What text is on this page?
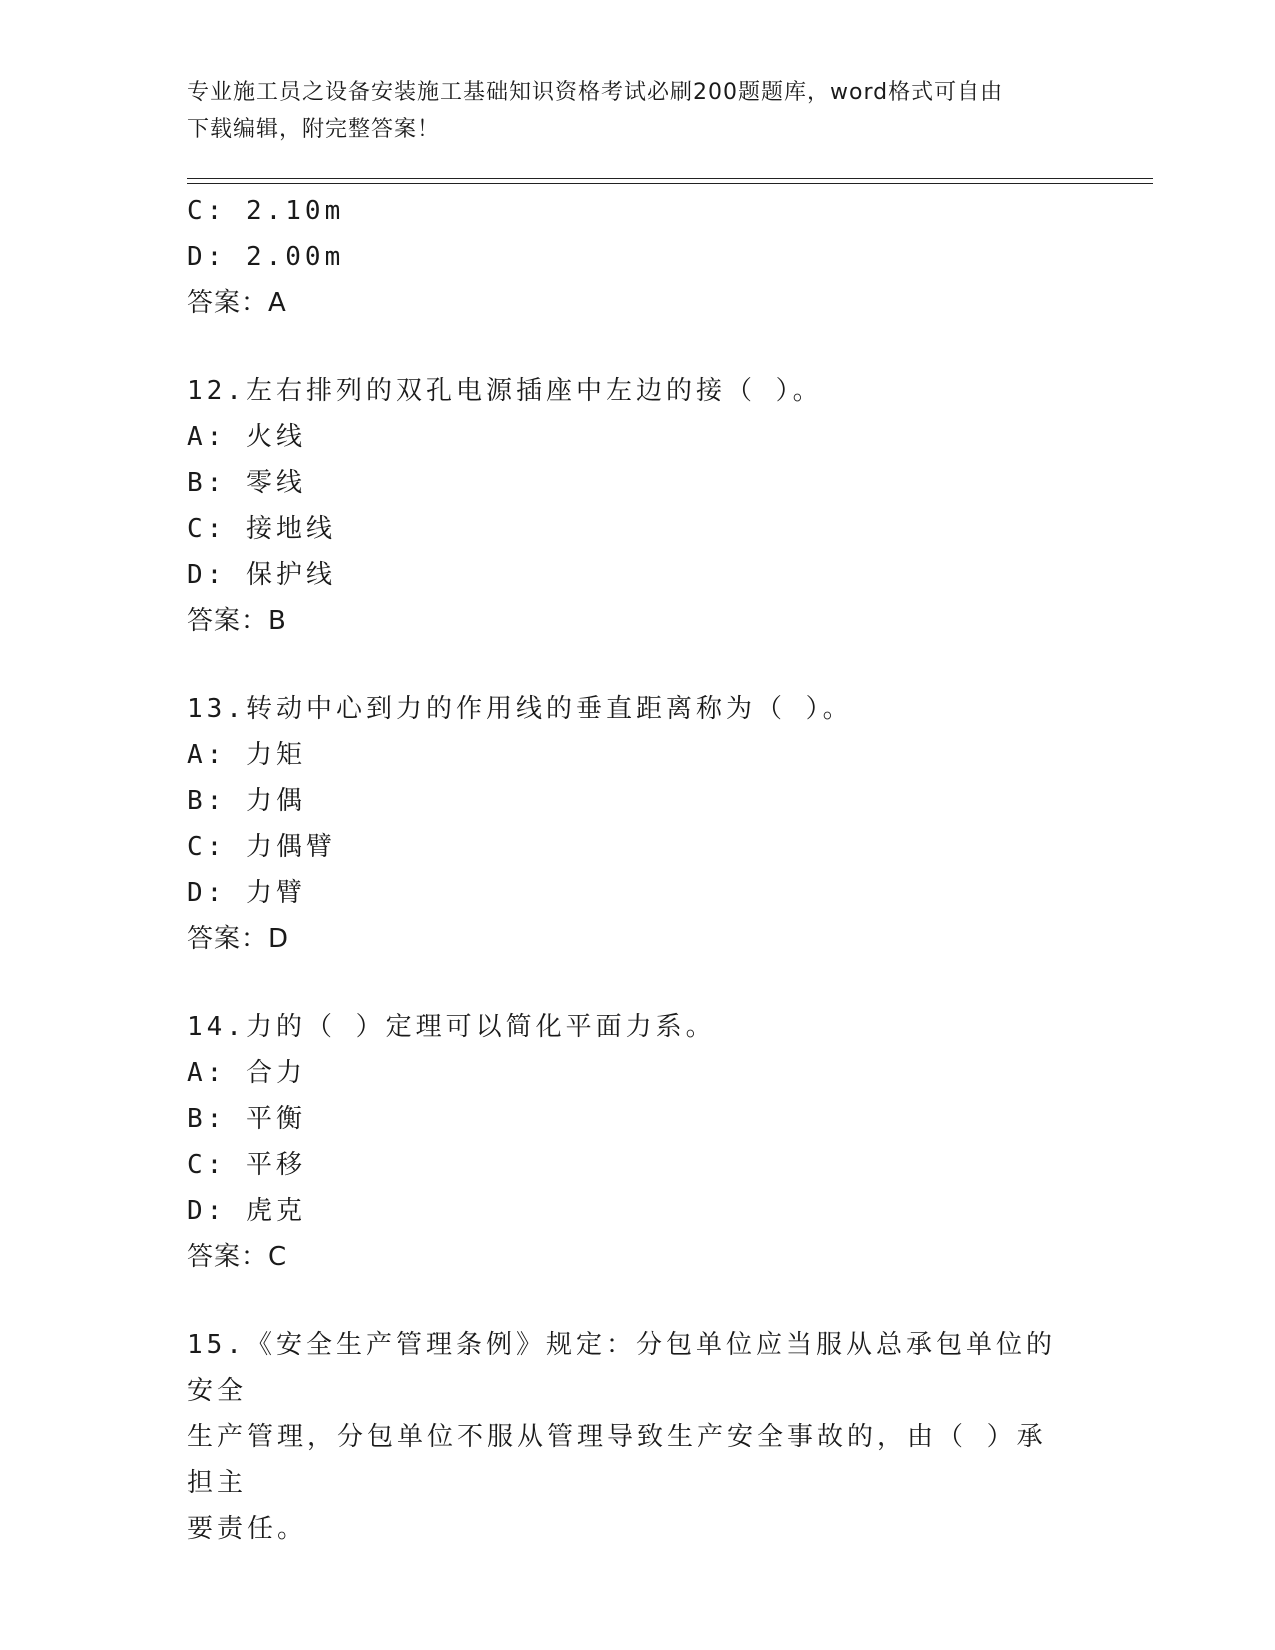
专业施工员之设备安装施工基础知识资格考试必刷200题题库，word格式可自由
下载编辑，附完整答案！
C: 2.10m
D: 2.00m
答案：A
12.左右排列的双孔电源插座中左边的接（ ）。
A: 火线
B: 零线
C: 接地线
D: 保护线
答案：B
13.转动中心到力的作用线的垂直距离称为（ ）。
A: 力矩
B: 力偶
C: 力偶臂
D: 力臂
答案：D
14.力的（ ）定理可以简化平面力系。
A: 合力
B: 平衡
C: 平移
D: 虎克
答案：C
15.《安全生产管理条例》规定：分包单位应当服从总承包单位的安全
生产管理，分包单位不服从管理导致生产安全事故的，由（ ）承担主
要责任。
